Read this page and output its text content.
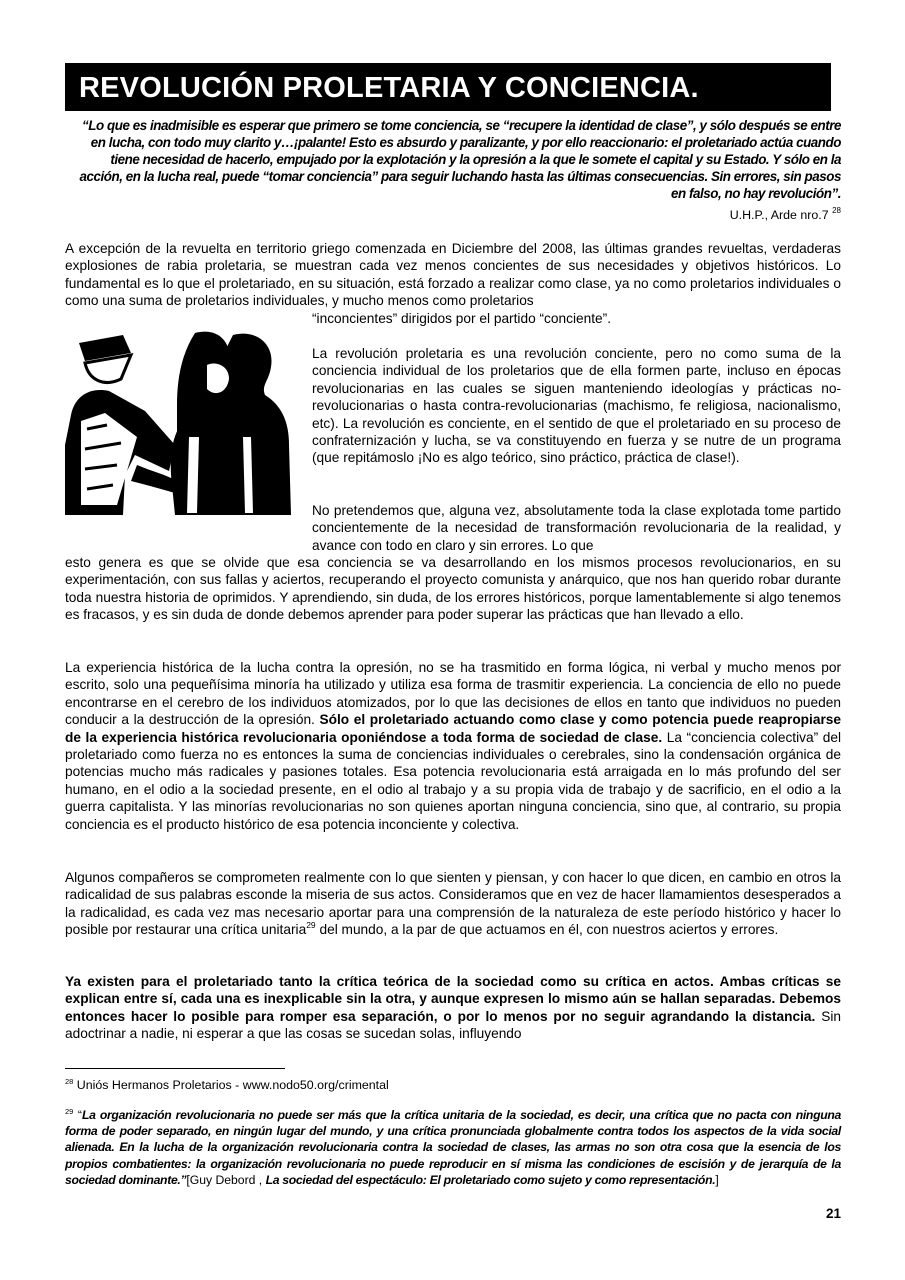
REVOLUCIÓN PROLETARIA Y CONCIENCIA.
“Lo que es inadmisible es esperar que primero se tome conciencia, se “recupere la identidad de clase”, y sólo después se entre en lucha, con todo muy clarito y…¡palante! Esto es absurdo y paralizante, y por ello reaccionario: el proletariado actúa cuando tiene necesidad de hacerlo, empujado por la explotación y la opresión a la que le somete el capital y su Estado. Y sólo en la acción, en la lucha real, puede “tomar conciencia” para seguir luchando hasta las últimas consecuencias. Sin errores, sin pasos en falso, no hay revolución”.
U.H.P., Arde nro.7 $^{28}$

A excepción de la revuelta en territorio griego comenzada en Diciembre del 2008, las últimas grandes revueltas, verdaderas explosiones de rabia proletaria, se muestran cada vez menos concientes de sus necesidades y objetivos históricos. Lo fundamental es lo que el proletariado, en su situación, está forzado a realizar como clase, ya no como proletarios individuales o como una suma de proletarios individuales, y mucho menos como proletarios

“inconcientes” dirigidos por el partido “conciente”.

La revolución proletaria es una revolución conciente, pero no como suma de la conciencia individual de los proletarios que de ella formen parte, incluso en épocas revolucionarias en las cuales se siguen manteniendo ideologías y prácticas no-revolucionarias o hasta contra-revolucionarias (machismo, fe religiosa, nacionalismo, etc). La revolución es conciente, en el sentido de que el proletariado en su proceso de confraternización y lucha, se va constituyendo en fuerza y se nutre de un programa (que repitámoslo ¡No es algo teórico, sino práctico, práctica de clase!).

No pretendemos que, alguna vez, absolutamente toda la clase explotada tome partido concientemente de la necesidad de transformación revolucionaria de la realidad, y avance con todo en claro y sin errores. Lo que

esto genera es que se olvide que esa conciencia se va desarrollando en los mismos procesos revolucionarios, en su experimentación, con sus fallas y aciertos, recuperando el proyecto comunista y anárquico, que nos han querido robar durante toda nuestra historia de oprimidos. Y aprendiendo, sin duda, de los errores históricos, porque lamentablemente si algo tenemos es fracasos, y es sin duda de donde debemos aprender para poder superar las prácticas que han llevado a ello.

La experiencia histórica de la lucha contra la opresión, no se ha trasmitido en forma lógica, ni verbal y mucho menos por escrito, solo una pequeñísima minoría ha utilizado y utiliza esa forma de trasmitir experiencia. La conciencia de ello no puede encontrarse en el cerebro de los individuos atomizados, por lo que las decisiones de ellos en tanto que individuos no pueden conducir a la destrucción de la opresión. Sólo el proletariado actuando como clase y como potencia puede reapropiarse de la experiencia histórica revolucionaria oponiéndose a toda forma de sociedad de clase. La “conciencia colectiva” del proletariado como fuerza no es entonces la suma de conciencias individuales o cerebrales, sino la condensación orgánica de potencias mucho más radicales y pasiones totales. Esa potencia revolucionaria está arraigada en lo más profundo del ser humano, en el odio a la sociedad presente, en el odio al trabajo y a su propia vida de trabajo y de sacrificio, en el odio a la guerra capitalista. Y las minorías revolucionarias no son quienes aportan ninguna conciencia, sino que, al contrario, su propia conciencia es el producto histórico de esa potencia inconciente y colectiva.

Algunos compañeros se comprometen realmente con lo que sienten y piensan, y con hacer lo que dicen, en cambio en otros la radicalidad de sus palabras esconde la miseria de sus actos. Consideramos que en vez de hacer llamamientos desesperados a la radicalidad, es cada vez mas necesario aportar para una comprensión de la naturaleza de este período histórico y hacer lo posible por restaurar una crítica unitaria$^{29}$ del mundo, a la par de que actuamos en él, con nuestros aciertos y errores.

Ya existen para el proletariado tanto la crítica teórica de la sociedad como su crítica en actos. Ambas críticas se explican entre sí, cada una es inexplicable sin la otra, y aunque expresen lo mismo aún se hallan separadas. Debemos entonces hacer lo posible para romper esa separación, o por lo menos por no seguir agrandando la distancia. Sin adoctrinar a nadie, ni esperar a que las cosas se sucedan solas, influyendo

$^{28}$ Uniós Hermanos Proletarios - www.nodo50.org/crimental
$^{29}$ “La organización revolucionaria no puede ser más que la crítica unitaria de la sociedad, es decir, una crítica que no pacta con ninguna forma de poder separado, en ningún lugar del mundo, y una crítica pronunciada globalmente contra todos los aspectos de la vida social alienada. En la lucha de la organización revolucionaria contra la sociedad de clases, las armas no son otra cosa que la esencia de los propios combatientes: la organización revolucionaria no puede reproducir en sí misma las condiciones de escisión y de jerarquía de la sociedad dominante.”[Guy Debord , La sociedad del espectáculo: El proletariado como sujeto y como representación.]
21
